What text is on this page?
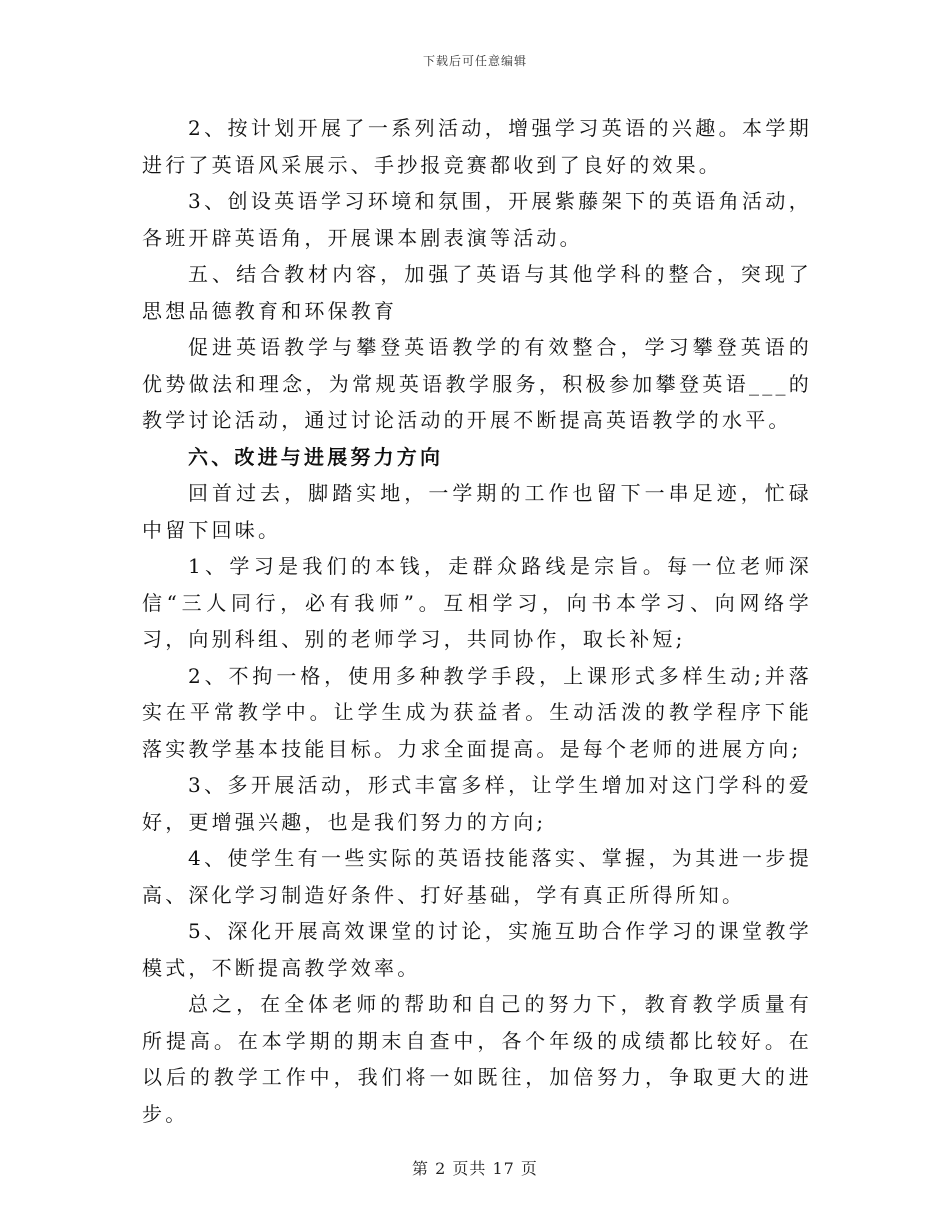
下载后可任意编辑

2、按计划开展了一系列活动，增强学习英语的兴趣。本学期进行了英语风采展示、手抄报竞赛都收到了良好的效果。

3、创设英语学习环境和氛围，开展紫藤架下的英语角活动，各班开辟英语角，开展课本剧表演等活动。

五、结合教材内容，加强了英语与其他学科的整合，突现了思想品德教育和环保教育

促进英语教学与攀登英语教学的有效整合，学习攀登英语的优势做法和理念，为常规英语教学服务，积极参加攀登英语___的教学讨论活动，通过讨论活动的开展不断提高英语教学的水平。

六、改进与进展努力方向

回首过去，脚踏实地，一学期的工作也留下一串足迹，忙碌中留下回味。

1、学习是我们的本钱，走群众路线是宗旨。每一位老师深信“三人同行，必有我师”。互相学习，向书本学习、向网络学习，向别科组、别的老师学习，共同协作，取长补短;

2、不拘一格，使用多种教学手段，上课形式多样生动;并落实在平常教学中。让学生成为获益者。生动活泼的教学程序下能落实教学基本技能目标。力求全面提高。是每个老师的进展方向;

3、多开展活动，形式丰富多样，让学生增加对这门学科的爱好，更增强兴趣，也是我们努力的方向;

4、使学生有一些实际的英语技能落实、掌握，为其进一步提高、深化学习制造好条件、打好基础，学有真正所得所知。

5、深化开展高效课堂的讨论，实施互助合作学习的课堂教学模式，不断提高教学效率。

总之，在全体老师的帮助和自己的努力下，教育教学质量有所提高。在本学期的期末自查中，各个年级的成绩都比较好。在以后的教学工作中，我们将一如既往，加倍努力，争取更大的进步。

第 2 页共 17 页
